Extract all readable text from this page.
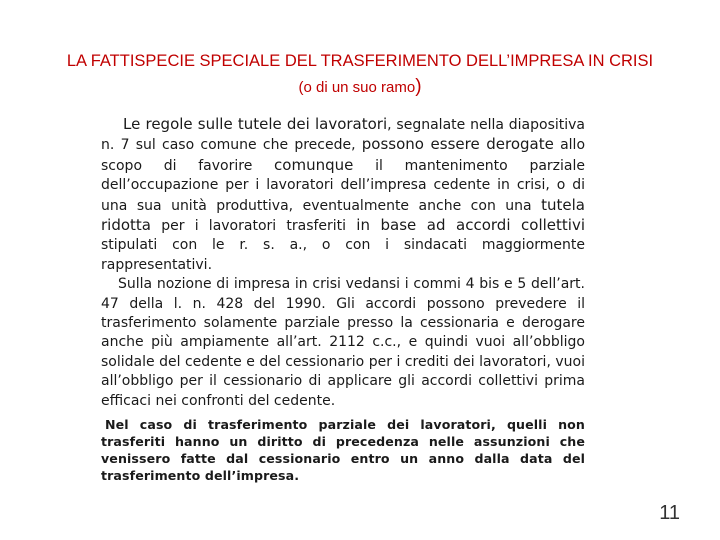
LA FATTISPECIE SPECIALE DEL TRASFERIMENTO DELL’IMPRESA IN CRISI
(o di un suo ramo)

Le regole sulle tutele dei lavoratori, segnalate nella diapositiva n. 7 sul caso comune che precede, possono essere derogate allo scopo di favorire comunque il mantenimento parziale dell’occupazione per i lavoratori dell’impresa cedente in crisi, o di una sua unità produttiva, eventualmente anche con una tutela ridotta per i lavoratori trasferiti in base ad accordi collettivi stipulati con le r. s. a., o con i sindacati maggiormente rappresentativi.

Sulla nozione di impresa in crisi vedansi i commi 4 bis e 5 dell’art. 47 della l. n. 428 del 1990. Gli accordi possono prevedere il trasferimento solamente parziale presso la cessionaria e derogare anche più ampiamente all’art. 2112 c.c., e quindi vuoi all’obbligo solidale del cedente e del cessionario per i crediti dei lavoratori, vuoi all’obbligo per il cessionario di applicare gli accordi collettivi prima efficaci nei confronti del cedente.

Nel caso di trasferimento parziale dei lavoratori, quelli non trasferiti hanno un diritto di precedenza nelle assunzioni che venissero fatte dal cessionario entro un anno dalla data del trasferimento dell’impresa.

11
